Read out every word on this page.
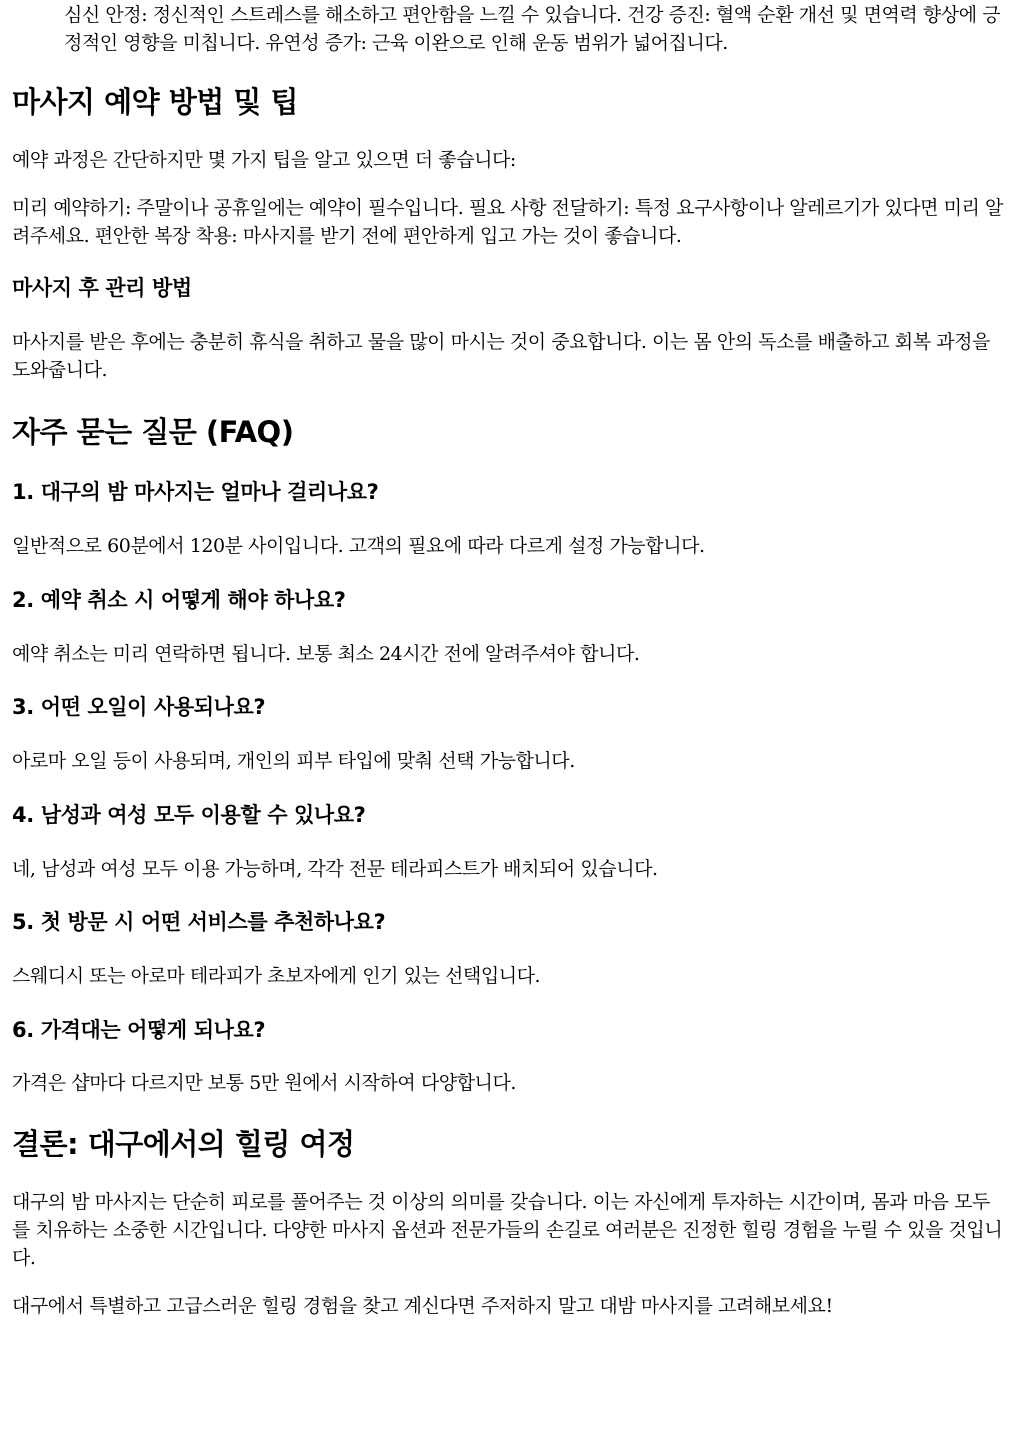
심신 안정: 정신적인 스트레스를 해소하고 편안함을 느낄 수 있습니다. 건강 증진: 혈액 순환 개선 및 면역력 향상에 긍정적인 영향을 미칩니다. 유연성 증가: 근육 이완으로 인해 운동 범위가 넓어집니다.

마사지 예약 방법 및 팁

예약 과정은 간단하지만 몇 가지 팁을 알고 있으면 더 좋습니다:

미리 예약하기: 주말이나 공휴일에는 예약이 필수입니다. 필요 사항 전달하기: 특정 요구사항이나 알레르기가 있다면 미리 알려주세요. 편안한 복장 착용: 마사지를 받기 전에 편안하게 입고 가는 것이 좋습니다.

마사지 후 관리 방법

마사지를 받은 후에는 충분히 휴식을 취하고 물을 많이 마시는 것이 중요합니다. 이는 몸 안의 독소를 배출하고 회복 과정을 도와줍니다.

자주 묻는 질문 (FAQ)
1. 대구의 밤 마사지는 얼마나 걸리나요?

일반적으로 60분에서 120분 사이입니다. 고객의 필요에 따라 다르게 설정 가능합니다.

2. 예약 취소 시 어떻게 해야 하나요?

예약 취소는 미리 연락하면 됩니다. 보통 최소 24시간 전에 알려주셔야 합니다.

3. 어떤 오일이 사용되나요?

아로마 오일 등이 사용되며, 개인의 피부 타입에 맞춰 선택 가능합니다.

4. 남성과 여성 모두 이용할 수 있나요?

네, 남성과 여성 모두 이용 가능하며, 각각 전문 테라피스트가 배치되어 있습니다.

5. 첫 방문 시 어떤 서비스를 추천하나요?

스웨디시 또는 아로마 테라피가 초보자에게 인기 있는 선택입니다.

6. 가격대는 어떻게 되나요?

가격은 샵마다 다르지만 보통 5만 원에서 시작하여 다양합니다.

결론: 대구에서의 힐링 여정

대구의 밤 마사지는 단순히 피로를 풀어주는 것 이상의 의미를 갖습니다. 이는 자신에게 투자하는 시간이며, 몸과 마음 모두를 치유하는 소중한 시간입니다. 다양한 마사지 옵션과 전문가들의 손길로 여러분은 진정한 힐링 경험을 누릴 수 있을 것입니다.

대구에서 특별하고 고급스러운 힐링 경험을 찾고 계신다면 주저하지 말고 대밤 마사지를 고려해보세요!
